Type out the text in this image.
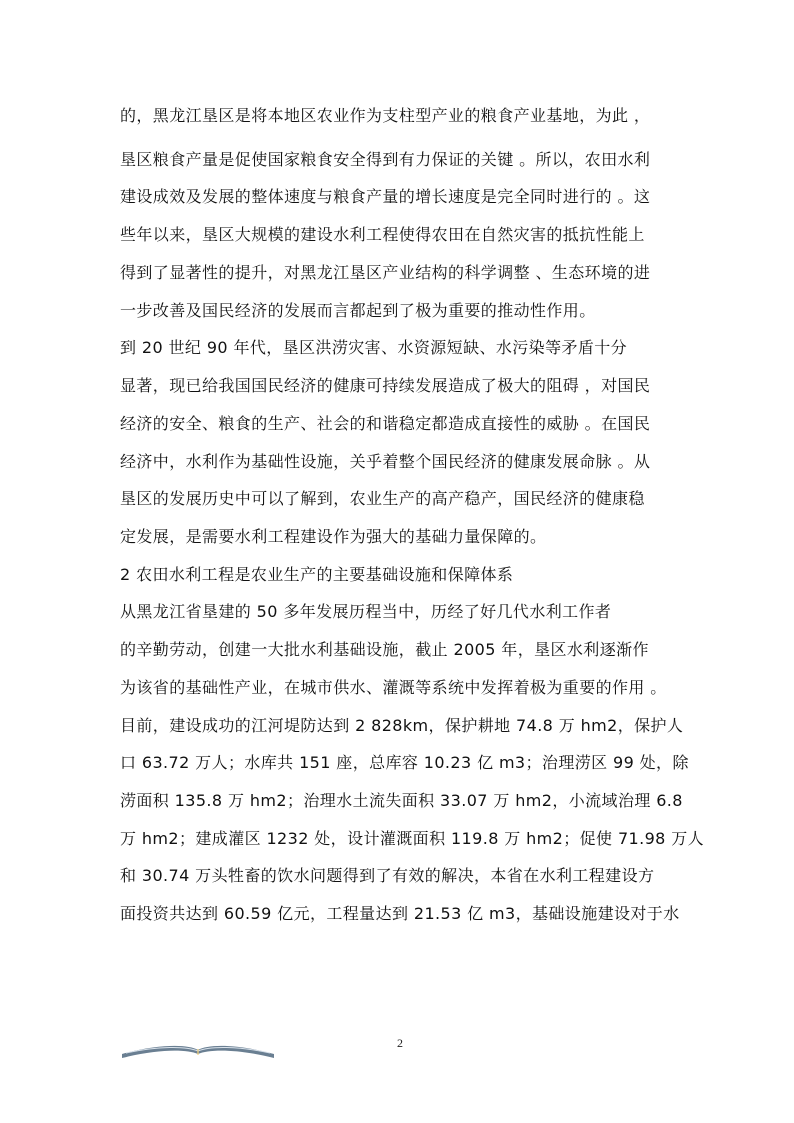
的，黑龙江垦区是将本地区农业作为支柱型产业的粮食产业基地，为此 ，
垦区粮食产量是促使国家粮食安全得到有力保证的关键 。所以，农田水利
建设成效及发展的整体速度与粮食产量的增长速度是完全同时进行的 。这
些年以来，垦区大规模的建设水利工程使得农田在自然灾害的抵抗性能上
得到了显著性的提升，对黑龙江垦区产业结构的科学调整 、生态环境的进
一步改善及国民经济的发展而言都起到了极为重要的推动性作用。
到 20 世纪 90 年代，垦区洪涝灾害、水资源短缺、水污染等矛盾十分
显著，现已给我国国民经济的健康可持续发展造成了极大的阻碍 ，对国民
经济的安全、粮食的生产、社会的和谐稳定都造成直接性的威胁 。在国民
经济中，水利作为基础性设施，关乎着整个国民经济的健康发展命脉 。从
垦区的发展历史中可以了解到，农业生产的高产稳产，国民经济的健康稳
定发展，是需要水利工程建设作为强大的基础力量保障的。
2 农田水利工程是农业生产的主要基础设施和保障体系
从黑龙江省垦建的 50 多年发展历程当中，历经了好几代水利工作者
的辛勤劳动，创建一大批水利基础设施，截止 2005 年，垦区水利逐渐作
为该省的基础性产业，在城市供水、灌溉等系统中发挥着极为重要的作用 。
目前，建设成功的江河堤防达到 2 828km，保护耕地 74.8 万 hm2，保护人
口 63.72 万人；水库共 151 座，总库容 10.23 亿 m3；治理涝区 99 处，除
涝面积 135.8 万 hm2；治理水土流失面积 33.07 万 hm2，小流域治理 6.8
万 hm2；建成灌区 1232 处，设计灌溉面积 119.8 万 hm2；促使 71.98 万人
和 30.74 万头牲畜的饮水问题得到了有效的解决，本省在水利工程建设方
面投资共达到 60.59 亿元，工程量达到 21.53 亿 m3，基础设施建设对于水
2
